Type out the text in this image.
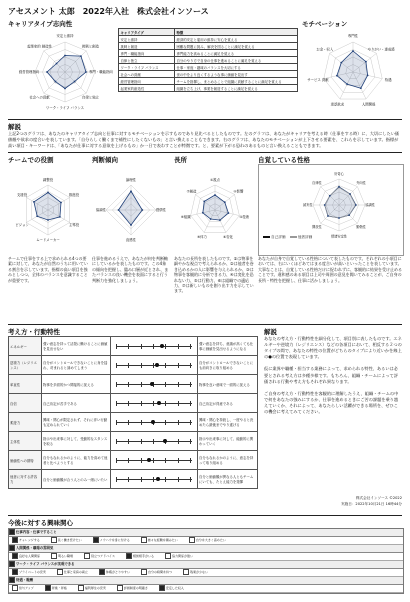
アセスメント 太郎　2022年入社　株式会社インソース
キャリアタイプ志向性
安定と維持
挑戦と創造
専門・職能指向
自律と独立
ワーク・ライフ バランス
社会への貢献
経営管理指向
起業家的 創造性
キャリアタイプ	特徴
安定と維持	経済的安定と雇用の維持に安心を覚える
挑戦と創造	困難な問題に挑み、解決を図ることに満足を覚える
専門・職能指向	専門能力を高めることに満足を覚える
自律と独立	自分のやり方で自身の仕事を進めることに満足を覚える
ワーク・ライフ バランス	仕事・家庭・趣味のバランスを大切にする
社会への貢献	世の中をより良くするような事に価値を見出す
経営管理指向	チームを指揮し、まとめることで組織に貢献することに満足を覚える
起業家的創造性	組織を立ち上げ、事業を創造することに満足を覚える
モチベーション
専門性
やりがい・達成感
待遇
人間関係
承認欲求
サービス 貢献
お金・収入
解説
上記2つのグラフは、あなたのキャリアタイプ志向と仕事に対するモチベーションを示すものであり見比べるとしたものです。左のグラフは、あなたがキャリアを考える時（仕事をする時）に、大切にしたい価値観や欲求の度合いを表しています。「自分らしく働くまで補性にしたくないもの」と言い換えることもできます。右のグラフは、あなたのモチベーションが上下させる要素を、これらを示しています。指標が高い項目・キーワードは、「あなたが仕事に対する意欲を上げるもの」か一日で表わすことが特徴です。と、要素が下がる恐れのあるものと言い換えることもできます。
チームでの役割	判断傾向	長所	自覚している性格
調整役
推進役
主導役
ムードメーカー
ビジョン
支援役
論理性
感情性
直感性
協調性
①視点
②影響
③技術
④変化
⑤体力
⑥組織
⑦創造
好奇心
外向性
協調性
勤勉性
情緒安定性
開放性
誠実性
自律性
自己評価	他者評価
チームで仕事をする上で求められる4つの要素に対して、あなたが自然のうちに用いている割合を示しています。指標の高い項目を強みとしつつ、全体のバランスを意識することが重要です。
仕事を進めるうえで、あなたが何を判断軸にしているかを表したものです。この4象の傾向を把握し、臨み口層が近とされ、またバランスの良い機会を表面にすると行う判断力を強化しましょう。
あなたの長所を表したものです。①は物事を細やかな視点で考えられるか、②は他者を巻き込めるかの人に影響を与えられるか、③は物事を客観的に分析できる力、④は変化を恐れない力、⑤は行動力、⑥は組織での適応力、⑦は新しいものを創り出す力を示しています。
あなたが自身で自覚している性格について表したものです。それぞれの小項目においては、右にいくほどあてはまる度合いが高いといったことを表しています。大事なことは、自覚している性格だけに捉われずに、客観的に結果を受け止めることです。違和感のある項目は上司や周囲の意見を聞いてみることが、ご自身の長所・特性を把握し、仕事に活かしましょう。
考え方・行動特性
エネルギー	強い意志を持って活発に働けることに価値を見出せない		強い意志を持ち、意識が高くても仕事に価値を見出せるようになる
逆境力（レジリエンス）	自分がコントロールできないことに身を揺れ、苛まれると諦めてしまう		自分がコントロールできないことにも前向きに取り組める
率直性	物事を多面的かつ間接的に捉える		物事を良い意味で一面的に捉える
自信	自己肯定が苦手である		自己肯定が得意である
柔遊力	興味・関心が限定されず、それに伴い行動も定められていく		興味・関心を持続し、一度やると決めたら最後までやり遂げる
主体性	指示や出来事に対して、受動的なスタンスを取る		指示や出来事に対して、能動的に関わっていく
価値性への期待	自分もなれるかのように、能力を高めて他者と比べようとする		自分もなれるかのように、意志を持って取り組める
他者に対する許容力	自分と価値観が合う人とのみ一緒にいたい		自分と価値観が異なる人ともチームにいても、たとえ能力を発揮
解説
あなたの考え方・行動特性を細分化して、項目別に表したものです。エネルギーや逆境力（レジリエンス）などの各項目において、相反する２つのタイプの間で、あなたの特性の位置がどちらのタイプにより近いかを線上の●の位置で表現しています。

仮に業界や職種・担当する業務によって、求められる特性、あるいは必要とされる考え方は多種多様です。もちろん、組織・チームによって評価される行動や考え方もそれぞれ異なります。

ご自身の考え方・行動特性を客観的に理解したうえ、組織・チームの中で何をあなたの強みにするか、仕事を進めるときにご苦の課題を乗り越えていくか、それによって、あなたらしい活躍ができる場所を、ぜひこの機会に考えてみてください。
株式会社インソース ©2022
実施日：2022年10月21日 16時44分
今後に対する興味関心
仕事内容・仕事ですること
チャレンジする	長く働き続けたい	ノウハウを身に付ける	様々な経験を積みたい	自分を大きく高めたい
人間関係・職場の雰囲気
良好な人間関係	明るい職場	役立つアドバイス	相談相手がいる	協力関係が強い
ワーク・ライフ バランスが実現できる
プライベートの充実	仕事と家庭の両立	休暇がとりやすい	自分の時間を持つ	残業が少ない
待遇・報酬
給与アップ	昇進・昇格	福利厚生の充実	評価制度の明確さ	安定した収入
